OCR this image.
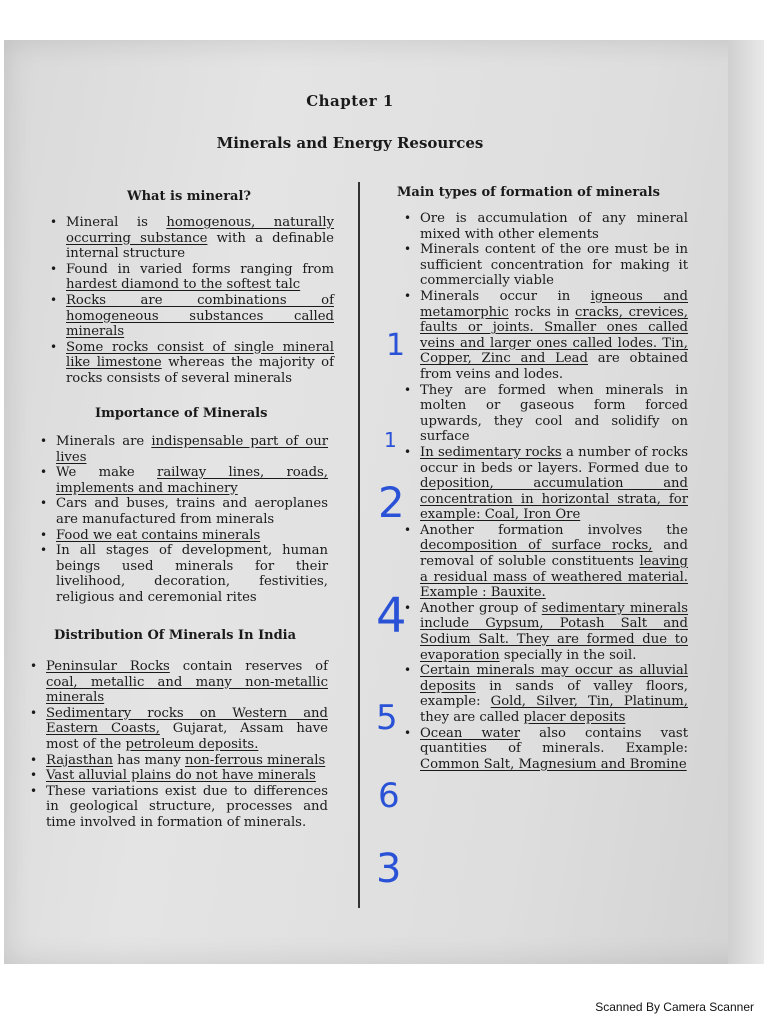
Chapter 1
Minerals and Energy Resources
What is mineral?
• Mineral is homogenous, naturally occurring substance with a definable internal structure
• Found in varied forms ranging from hardest diamond to the softest talc
• Rocks are combinations of homogeneous substances called minerals
• Some rocks consist of single mineral like limestone whereas the majority of rocks consists of several minerals
Importance of Minerals
• Minerals are indispensable part of our lives
• We make railway lines, roads, implements and machinery
• Cars and buses, trains and aeroplanes are manufactured from minerals
• Food we eat contains minerals
• In all stages of development, human beings used minerals for their livelihood, decoration, festivities, religious and ceremonial rites
Distribution Of Minerals In India
• Peninsular Rocks contain reserves of coal, metallic and many non-metallic minerals
• Sedimentary rocks on Western and Eastern Coasts, Gujarat, Assam have most of the petroleum deposits.
• Rajasthan has many non-ferrous minerals
• Vast alluvial plains do not have minerals
• These variations exist due to differences in geological structure, processes and time involved in formation of minerals.
Main types of formation of minerals
• Ore is accumulation of any mineral mixed with other elements
• Minerals content of the ore must be in sufficient concentration for making it commercially viable
• Minerals occur in igneous and metamorphic rocks in cracks, crevices, faults or joints. Smaller ones called veins and larger ones called lodes. Tin, Copper, Zinc and Lead are obtained from veins and lodes.
• They are formed when minerals in molten or gaseous form forced upwards, they cool and solidify on surface
• In sedimentary rocks a number of rocks occur in beds or layers. Formed due to deposition, accumulation and concentration in horizontal strata, for example: Coal, Iron Ore
• Another formation involves the decomposition of surface rocks, and removal of soluble constituents leaving a residual mass of weathered material. Example : Bauxite.
• Another group of sedimentary minerals include Gypsum, Potash Salt and Sodium Salt. They are formed due to evaporation specially in the soil.
• Certain minerals may occur as alluvial deposits in sands of valley floors, example: Gold, Silver, Tin, Platinum, they are called placer deposits
• Ocean water also contains vast quantities of minerals. Example: Common Salt, Magnesium and Bromine
1
1
2
4
5
6
3
Scanned By Camera Scanner
